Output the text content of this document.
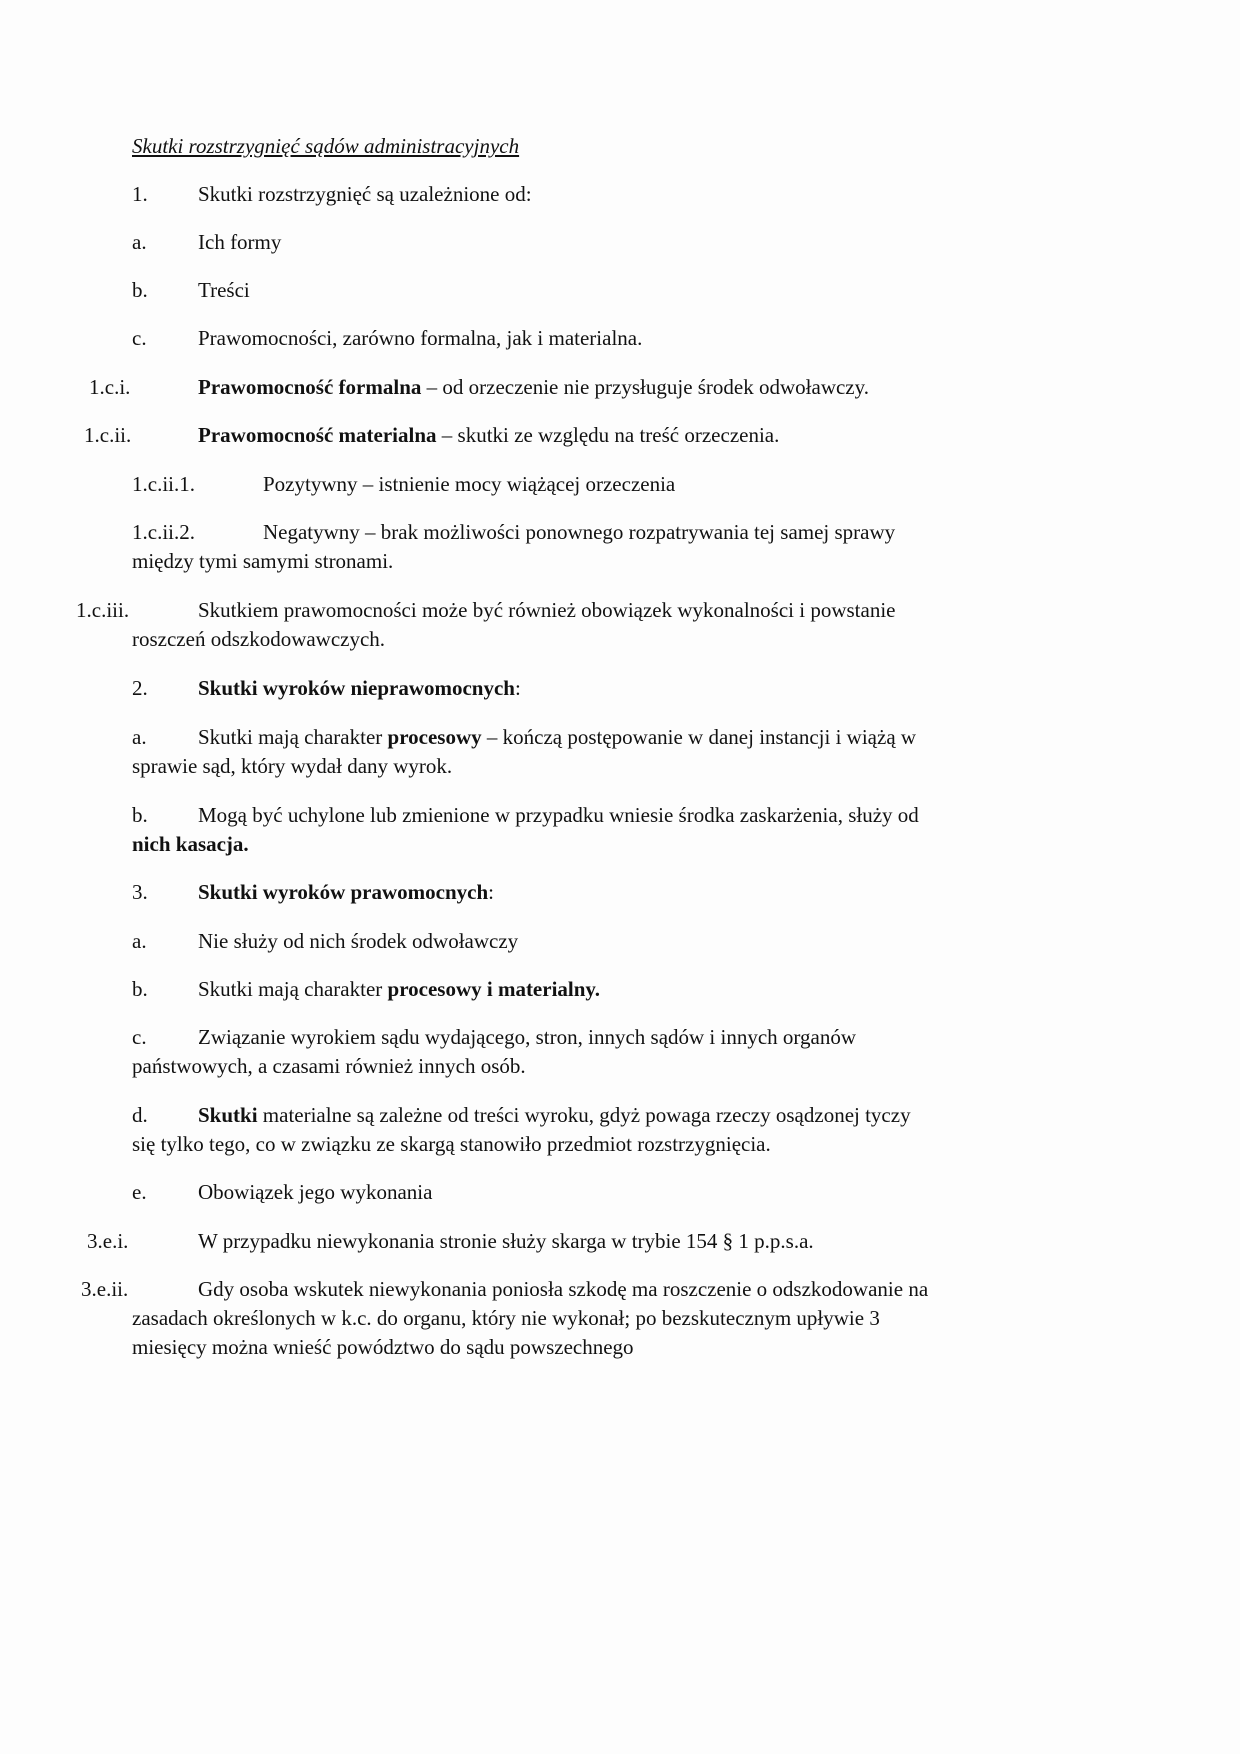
Skutki rozstrzygnięć sądów administracyjnych
1. Skutki rozstrzygnięć są uzależnione od:
a. Ich formy
b. Treści
c. Prawomocności, zarówno formalna, jak i materialna.
1.c.i.	Prawomocność formalna – od orzeczenie nie przysługuje środek odwoławczy.
1.c.ii.	Prawomocność materialna – skutki ze względu na treść orzeczenia.
1.c.ii.1.	Pozytywny – istnienie mocy wiążącej orzeczenia
1.c.ii.2.	Negatywny – brak możliwości ponownego rozpatrywania tej samej sprawy
między tymi samymi stronami.
1.c.iii.	Skutkiem prawomocności może być również obowiązek wykonalności i powstanie
roszczeń odszkodowawczych.
2. Skutki wyroków nieprawomocnych:
a. Skutki mają charakter procesowy – kończą postępowanie w danej instancji i wiążą w
sprawie sąd, który wydał dany wyrok.
b. Mogą być uchylone lub zmienione w przypadku wniesie środka zaskarżenia, służy od
nich kasacja.
3. Skutki wyroków prawomocnych:
a. Nie służy od nich środek odwoławczy
b. Skutki mają charakter procesowy i materialny.
c. Związanie wyrokiem sądu wydającego, stron, innych sądów i innych organów
państwowych, a czasami również innych osób.
d. Skutki materialne są zależne od treści wyroku, gdyż powaga rzeczy osądzonej tyczy
się tylko tego, co w związku ze skargą stanowiło przedmiot rozstrzygnięcia.
e. Obowiązek jego wykonania
3.e.i.	W przypadku niewykonania stronie służy skarga w trybie 154 § 1 p.p.s.a.
3.e.ii.	Gdy osoba wskutek niewykonania poniosła szkodę ma roszczenie o odszkodowanie na
zasadach określonych w k.c. do organu, który nie wykonał; po bezskutecznym upływie 3
miesięcy można wnieść powództwo do sądu powszechnego
